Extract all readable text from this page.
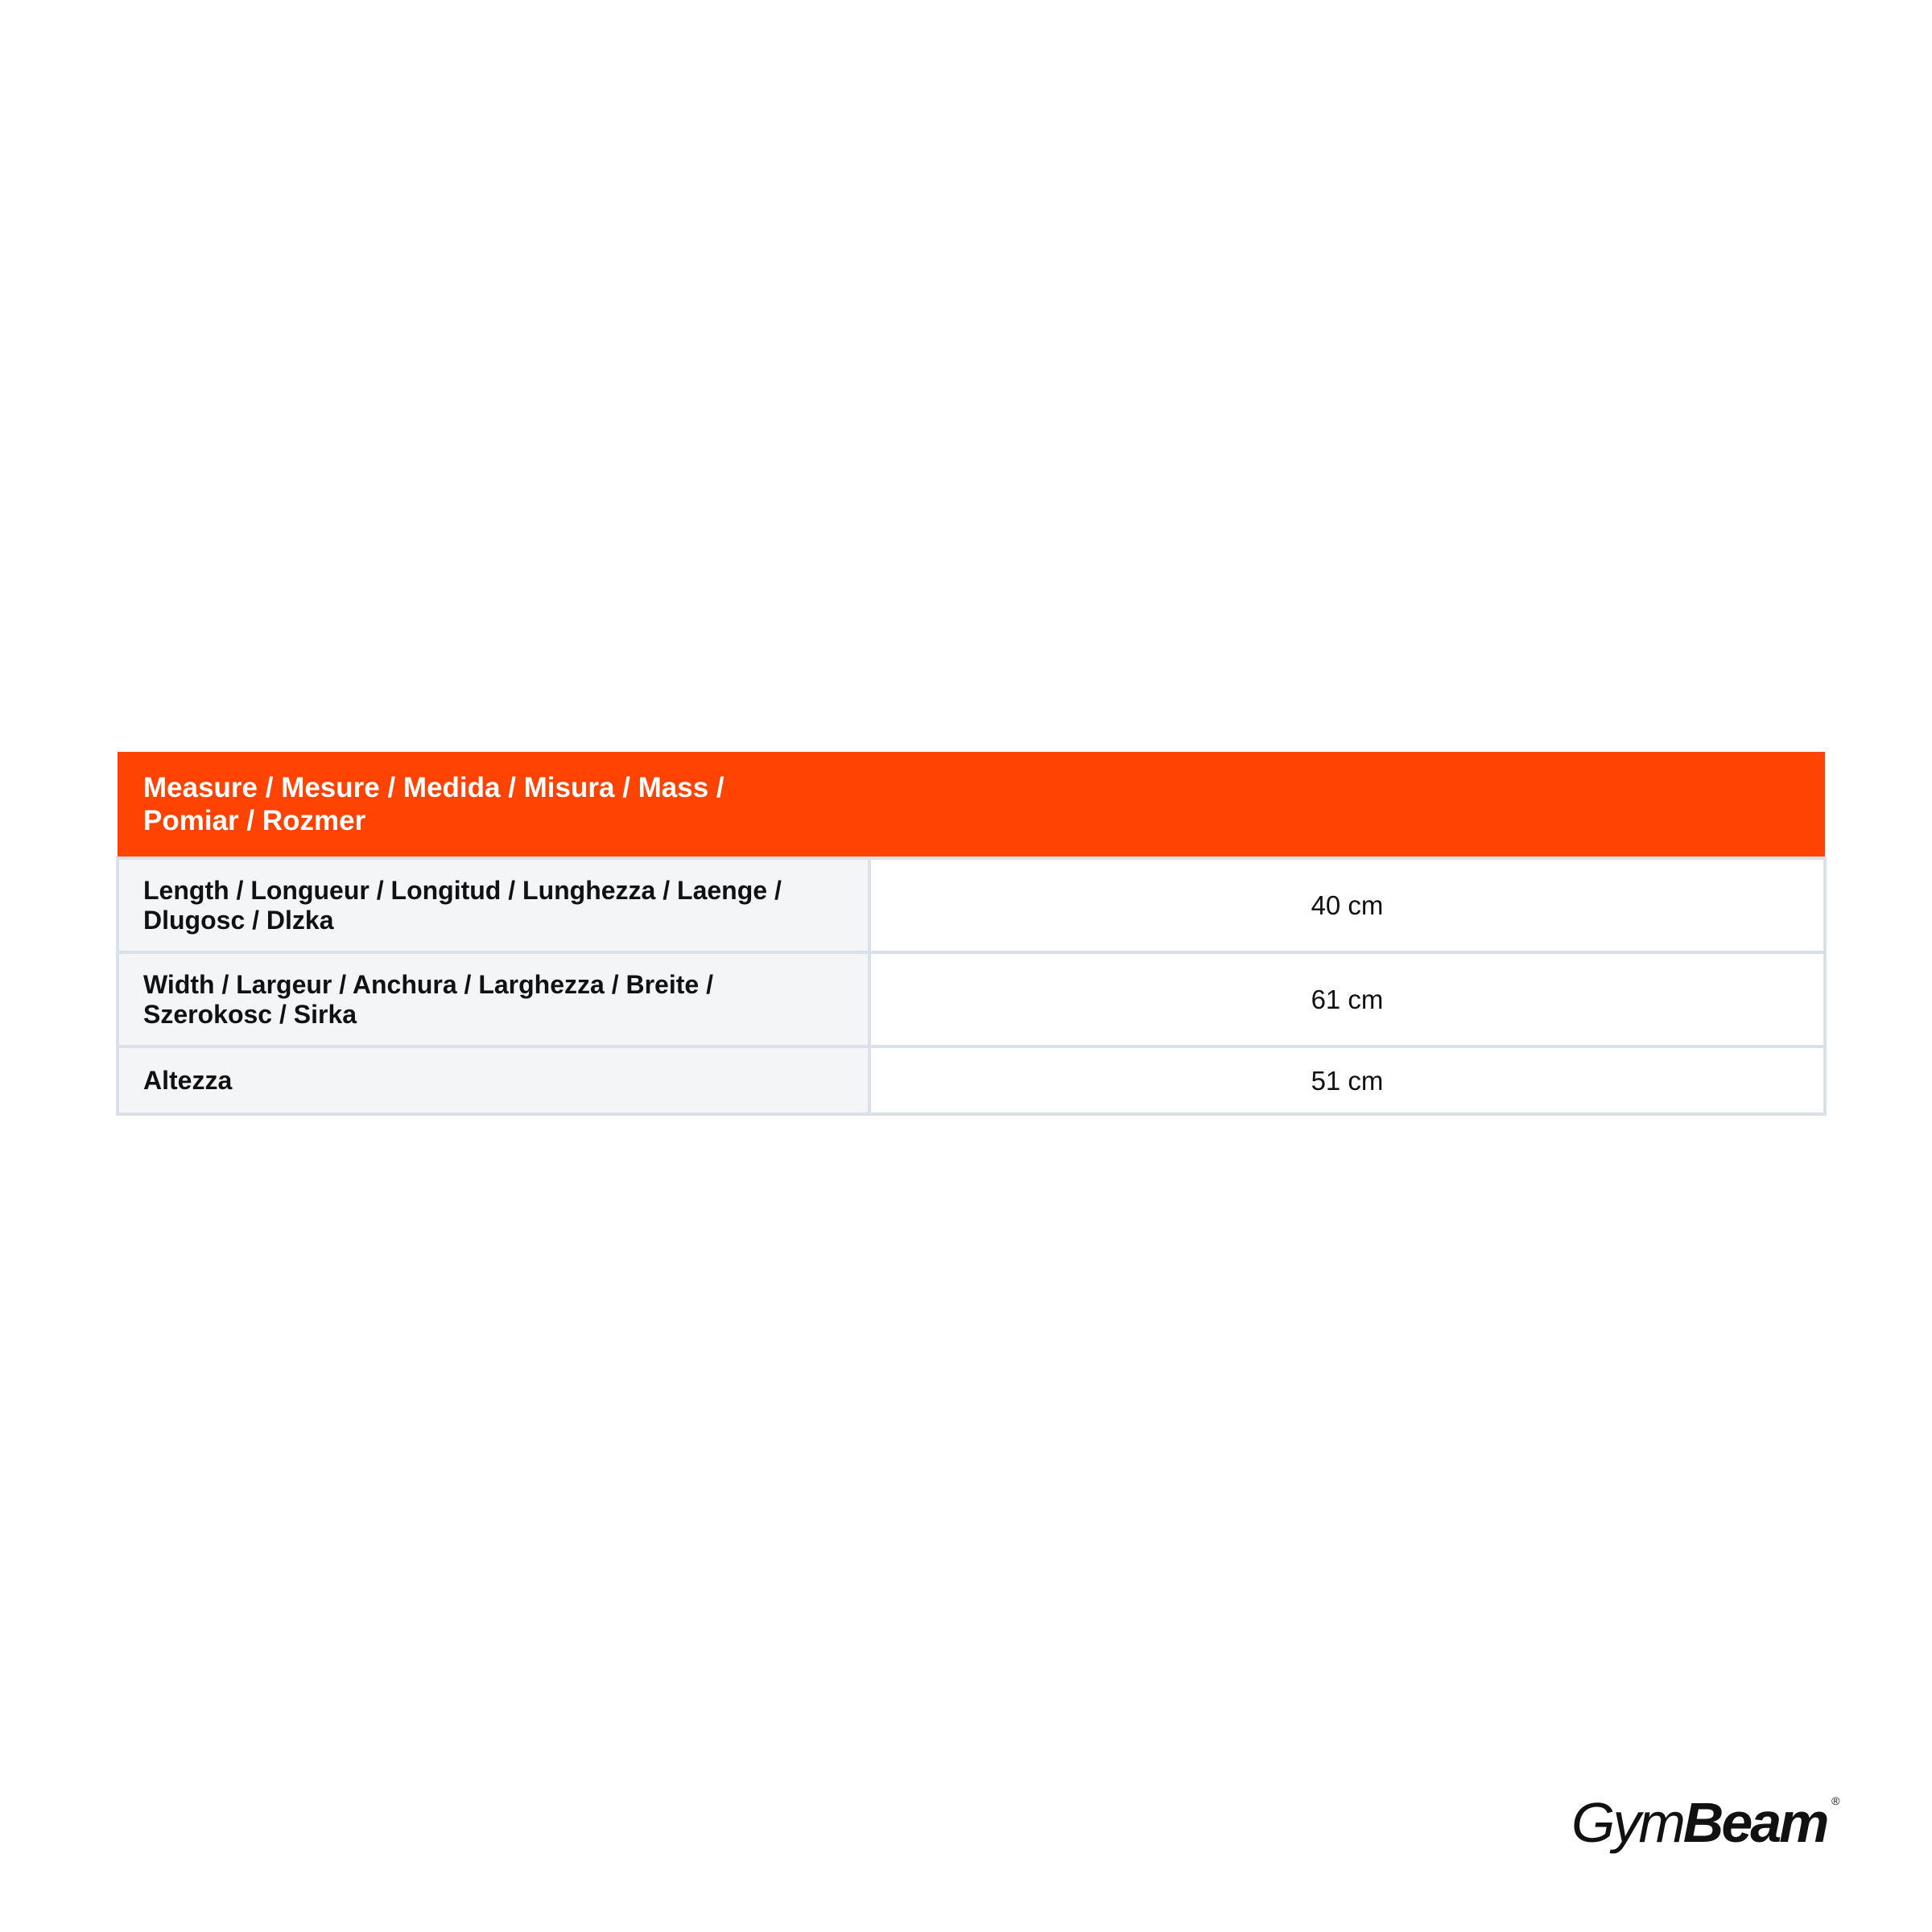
Measure / Mesure / Medida / Misura / Mass / Pomiar / Rozmer	

Length / Longueur / Longitud / Lunghezza / Laenge / Dlugosc / Dlzka	40 cm

Width / Largeur / Anchura / Larghezza / Breite / Szerokosc / Sirka	61 cm

Altezza	51 cm
GymBeam ®
